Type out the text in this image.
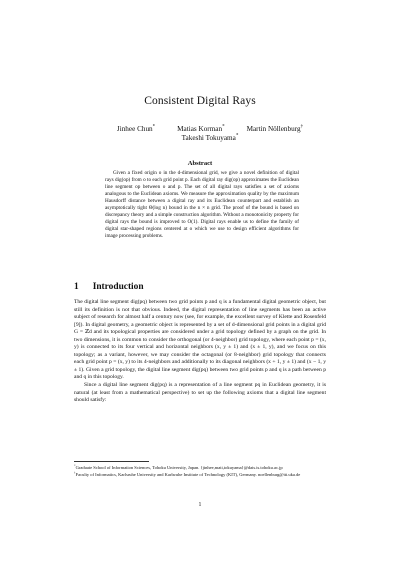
Consistent Digital Rays
Jinhee Chun*	Matias Korman*	Martin Nöllenburg†
Takeshi Tokuyama*
Abstract

Given a fixed origin o in the d-dimensional grid, we give a novel definition of digital rays dig(op) from o to each grid point p. Each digital ray dig(op) approximates the Euclidean line segment op between o and p. The set of all digital rays satisfies a set of axioms analogous to the Euclidean axioms. We measure the approximation quality by the maximum Hausdorff distance between a digital ray and its Euclidean counterpart and establish an asymptotically tight Θ(log n) bound in the n × n grid. The proof of the bound is based on discrepancy theory and a simple construction algorithm. Without a monotonicity property for digital rays the bound is improved to O(1). Digital rays enable us to define the family of digital star-shaped regions centered at o which we use to design efficient algorithms for image processing problems.

1 Introduction

The digital line segment dig(pq) between two grid points p and q is a fundamental digital geometric object, but still its definition is not that obvious. Indeed, the digital representation of line segments has been an active subject of research for almost half a century now (see, for example, the excellent survey of Klette and Rosenfeld [9]). In digital geometry, a geometric object is represented by a set of d-dimensional grid points in a digital grid G = ℤd and its topological properties are considered under a grid topology defined by a graph on the grid. In two dimensions, it is common to consider the orthogonal (or 4-neighbor) grid topology, where each point p = (x, y) is connected to its four vertical and horizontal neighbors (x, y ± 1) and (x ± 1, y), and we focus on this topology; as a variant, however, we may consider the octagonal (or 8-neighbor) grid topology that connects each grid point p = (x, y) to its 4-neighbors and additionally to its diagonal neighbors (x + 1, y ± 1) and (x − 1, y ± 1). Given a grid topology, the digital line segment dig(pq) between two grid points p and q is a path between p and q in this topology.

Since a digital line segment dig(pq) is a representation of a line segment pq in Euclidean geometry, it is natural (at least from a mathematical perspective) to set up the following axioms that a digital line segment should satisfy:

*Graduate School of Information Sciences, Tohoku University, Japan. {jinhee,mati,tokuyama}@dais.is.tohoku.ac.jp

†Faculty of Informatics, Karlsruhe University and Karlsruhe Institute of Technology (KIT), Germany. noellenburg@iti.uka.de

1
